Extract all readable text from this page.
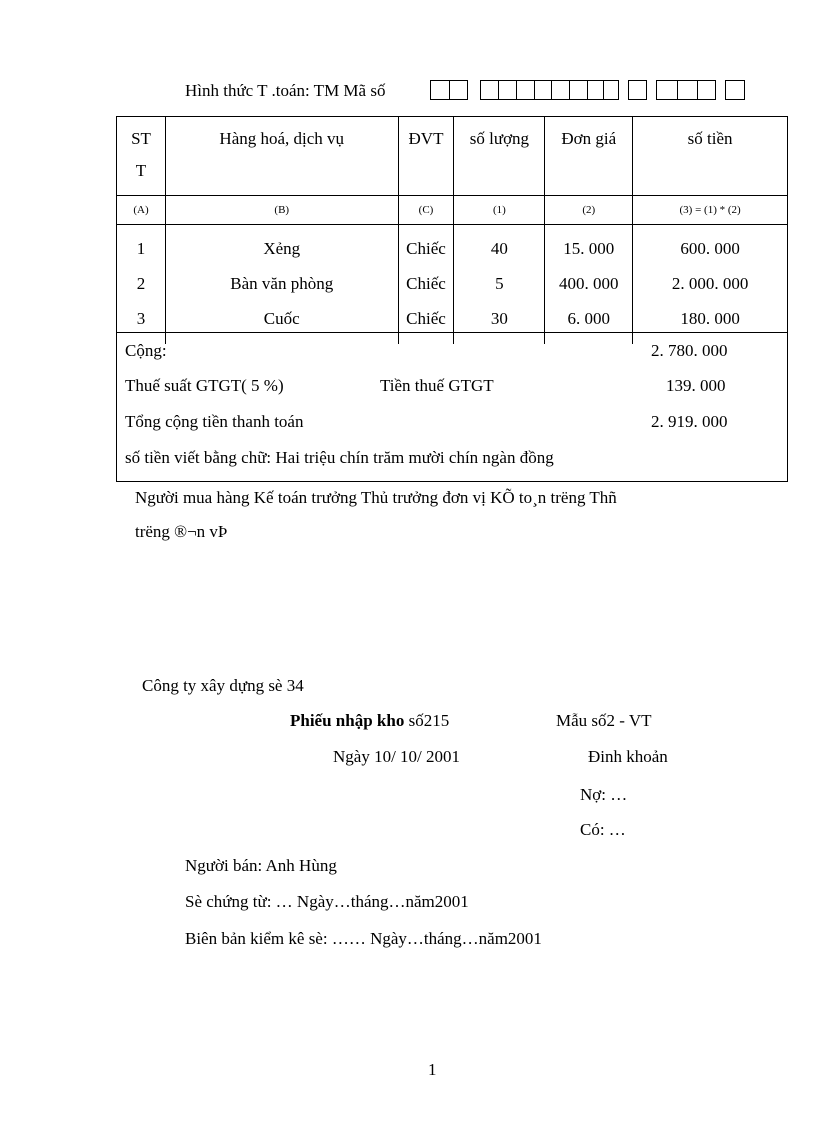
Hình thức T .toán: TM Mã số
ST T	Hàng hoá, dịch vụ	ĐVT	số lượng	Đơn giá	số tiền
(A)	(B)	(C)	(1)	(2)	(3) = (1) * (2)
1	Xẻng	Chiếc	40	15. 000	600. 000
2	Bàn văn phòng	Chiếc	5	400. 000	2. 000. 000
3	Cuốc	Chiếc	30	6. 000	180. 000
Cộng:	2. 780. 000
Thuế suất GTGT( 5 %)	Tiền thuế GTGT	139. 000
Tổng cộng tiền thanh toán	2. 919. 000
số tiền viết bằng chữ: Hai triệu chín trăm mười chín ngàn đồng
Người mua hàng Kế toán trưởng Thủ trưởng đơn vị KÕ to¸n trëng Thñ
trëng ®¬n vÞ
Công ty xây dựng sè 34
Phiếu nhập kho số215	Mẫu số2 - VT
Ngày 10/ 10/ 2001	Đinh khoản
Nợ: …
Có: …
Người bán: Anh Hùng
Sè chứng từ: … Ngày…tháng…năm2001
Biên bản kiểm kê sè: …… Ngày…tháng…năm2001
1
